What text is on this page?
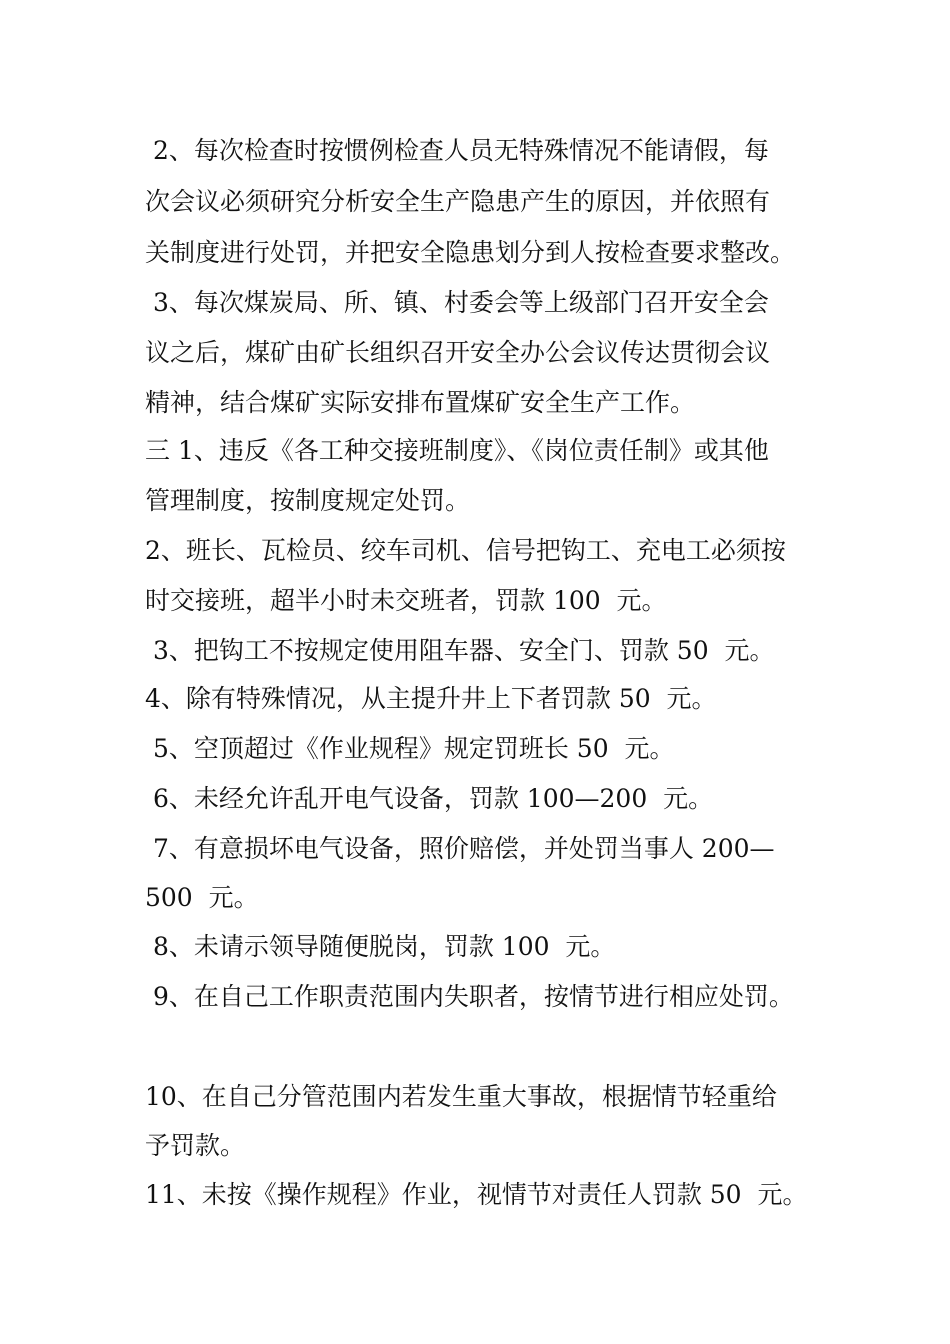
2、每次检查时按惯例检查人员无特殊情况不能请假，每
次会议必须研究分析安全生产隐患产生的原因，并依照有
关制度进行处罚，并把安全隐患划分到人按检查要求整改。
3、每次煤炭局、所、镇、村委会等上级部门召开安全会
议之后，煤矿由矿长组织召开安全办公会议传达贯彻会议
精神，结合煤矿实际安排布置煤矿安全生产工作。
三 1、违反《各工种交接班制度》、《岗位责任制》或其他
管理制度，按制度规定处罚。
2、班长、瓦检员、绞车司机、信号把钩工、充电工必须按
时交接班，超半小时未交班者，罚款 100  元。
3、把钩工不按规定使用阻车器、安全门、罚款 50  元。
4、除有特殊情况，从主提升井上下者罚款 50  元。
5、空顶超过《作业规程》规定罚班长 50  元。
6、未经允许乱开电气设备，罚款 100—200  元。
7、有意损坏电气设备，照价赔偿，并处罚当事人 200—
500  元。
8、未请示领导随便脱岗，罚款 100  元。
9、在自己工作职责范围内失职者，按情节进行相应处罚。
10、在自己分管范围内若发生重大事故，根据情节轻重给
予罚款。
11、未按《操作规程》作业，视情节对责任人罚款 50  元。
